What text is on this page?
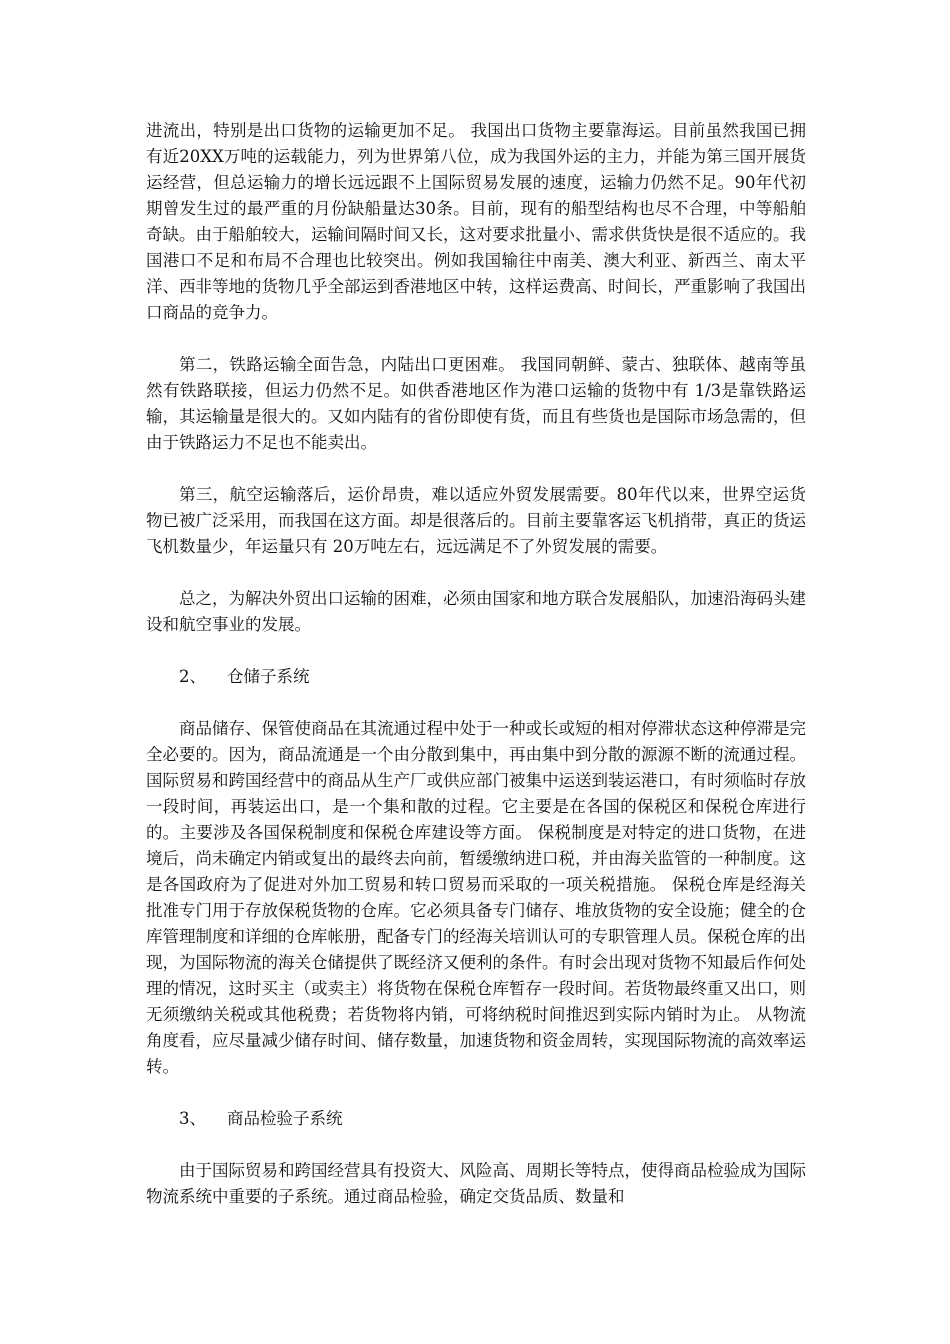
进流出，特别是出口货物的运输更加不足。 我国出口货物主要靠海运。目前虽然我国已拥有近20XX万吨的运载能力，列为世界第八位，成为我国外运的主力，并能为第三国开展货运经营，但总运输力的增长远远跟不上国际贸易发展的速度，运输力仍然不足。90年代初期曾发生过的最严重的月份缺船量达30条。目前，现有的船型结构也尽不合理，中等船舶奇缺。由于船舶较大，运输间隔时间又长，这对要求批量小、需求供货快是很不适应的。我国港口不足和布局不合理也比较突出。例如我国输往中南美、澳大利亚、新西兰、南太平洋、西非等地的货物几乎全部运到香港地区中转，这样运费高、时间长，严重影响了我国出口商品的竞争力。

第二，铁路运输全面告急，内陆出口更困难。 我国同朝鲜、蒙古、独联体、越南等虽然有铁路联接，但运力仍然不足。如供香港地区作为港口运输的货物中有 1/3是靠铁路运输，其运输量是很大的。又如内陆有的省份即使有货，而且有些货也是国际市场急需的，但由于铁路运力不足也不能卖出。

第三，航空运输落后，运价昂贵，难以适应外贸发展需要。80年代以来，世界空运货物已被广泛采用，而我国在这方面。却是很落后的。目前主要靠客运飞机捎带，真正的货运飞机数量少，年运量只有 20万吨左右，远远满足不了外贸发展的需要。

总之，为解决外贸出口运输的困难，必须由国家和地方联合发展船队，加速沿海码头建设和航空事业的发展。

2、 仓储子系统

商品储存、保管使商品在其流通过程中处于一种或长或短的相对停滞状态这种停滞是完全必要的。因为，商品流通是一个由分散到集中，再由集中到分散的源源不断的流通过程。国际贸易和跨国经营中的商品从生产厂或供应部门被集中运送到装运港口，有时须临时存放一段时间，再装运出口，是一个集和散的过程。它主要是在各国的保税区和保税仓库进行的。主要涉及各国保税制度和保税仓库建设等方面。 保税制度是对特定的进口货物，在进境后，尚未确定内销或复出的最终去向前，暂缓缴纳进口税，并由海关监管的一种制度。这是各国政府为了促进对外加工贸易和转口贸易而采取的一项关税措施。 保税仓库是经海关批准专门用于存放保税货物的仓库。它必须具备专门储存、堆放货物的安全设施；健全的仓库管理制度和详细的仓库帐册，配备专门的经海关培训认可的专职管理人员。保税仓库的出现，为国际物流的海关仓储提供了既经济又便利的条件。有时会出现对货物不知最后作何处理的情况，这时买主（或卖主）将货物在保税仓库暂存一段时间。若货物最终重又出口，则无须缴纳关税或其他税费；若货物将内销，可将纳税时间推迟到实际内销时为止。 从物流角度看，应尽量减少储存时间、储存数量，加速货物和资金周转，实现国际物流的高效率运转。

3、 商品检验子系统

由于国际贸易和跨国经营具有投资大、风险高、周期长等特点，使得商品检验成为国际物流系统中重要的子系统。通过商品检验，确定交货品质、数量和
